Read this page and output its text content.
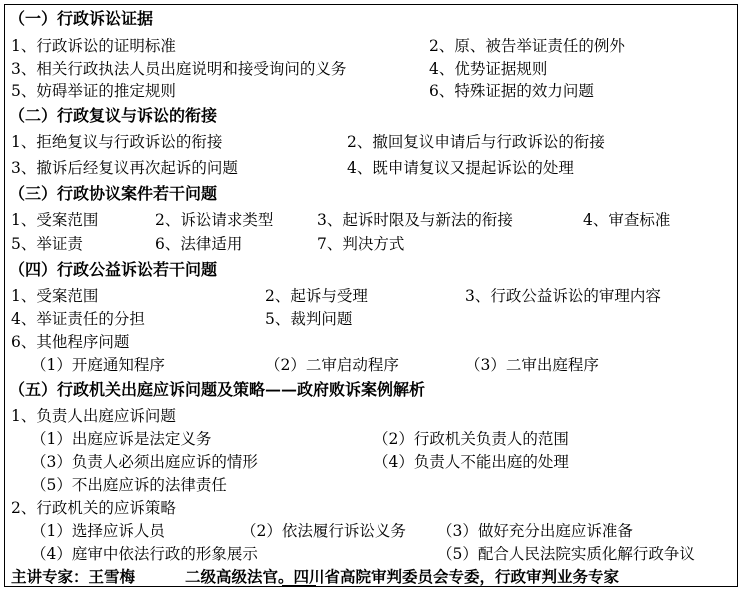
（一）行政诉讼证据
1、行政诉讼的证明标准	2、原、被告举证责任的例外
3、相关行政执法人员出庭说明和接受询问的义务	4、优势证据规则
5、妨碍举证的推定规则	6、特殊证据的效力问题
（二）行政复议与诉讼的衔接
1、拒绝复议与行政诉讼的衔接	2、撤回复议申请后与行政诉讼的衔接
3、撤诉后经复议再次起诉的问题	4、既申请复议又提起诉讼的处理
（三）行政协议案件若干问题
1、受案范围	2、诉讼请求类型	3、起诉时限及与新法的衔接	4、审查标准
5、举证责	6、法律适用	7、判决方式
（四）行政公益诉讼若干问题
1、受案范围	2、起诉与受理	3、行政公益诉讼的审理内容
4、举证责任的分担	5、裁判问题
6、其他程序问题
（1）开庭通知程序	（2）二审启动程序	（3）二审出庭程序
（五）行政机关出庭应诉问题及策略——政府败诉案例解析
1、负责人出庭应诉问题
（1）出庭应诉是法定义务	（2）行政机关负责人的范围
（3）负责人必须出庭应诉的情形	（4）负责人不能出庭的处理
（5）不出庭应诉的法律责任
2、行政机关的应诉策略
（1）选择应诉人员	（2）依法履行诉讼义务 （3）做好充分出庭应诉准备
（4）庭审中依法行政的形象展示	（5）配合人民法院实质化解行政争议
主讲专家：王雪梅	二级高级法官。四川省高院审判委员会专委，行政审判业务专家
